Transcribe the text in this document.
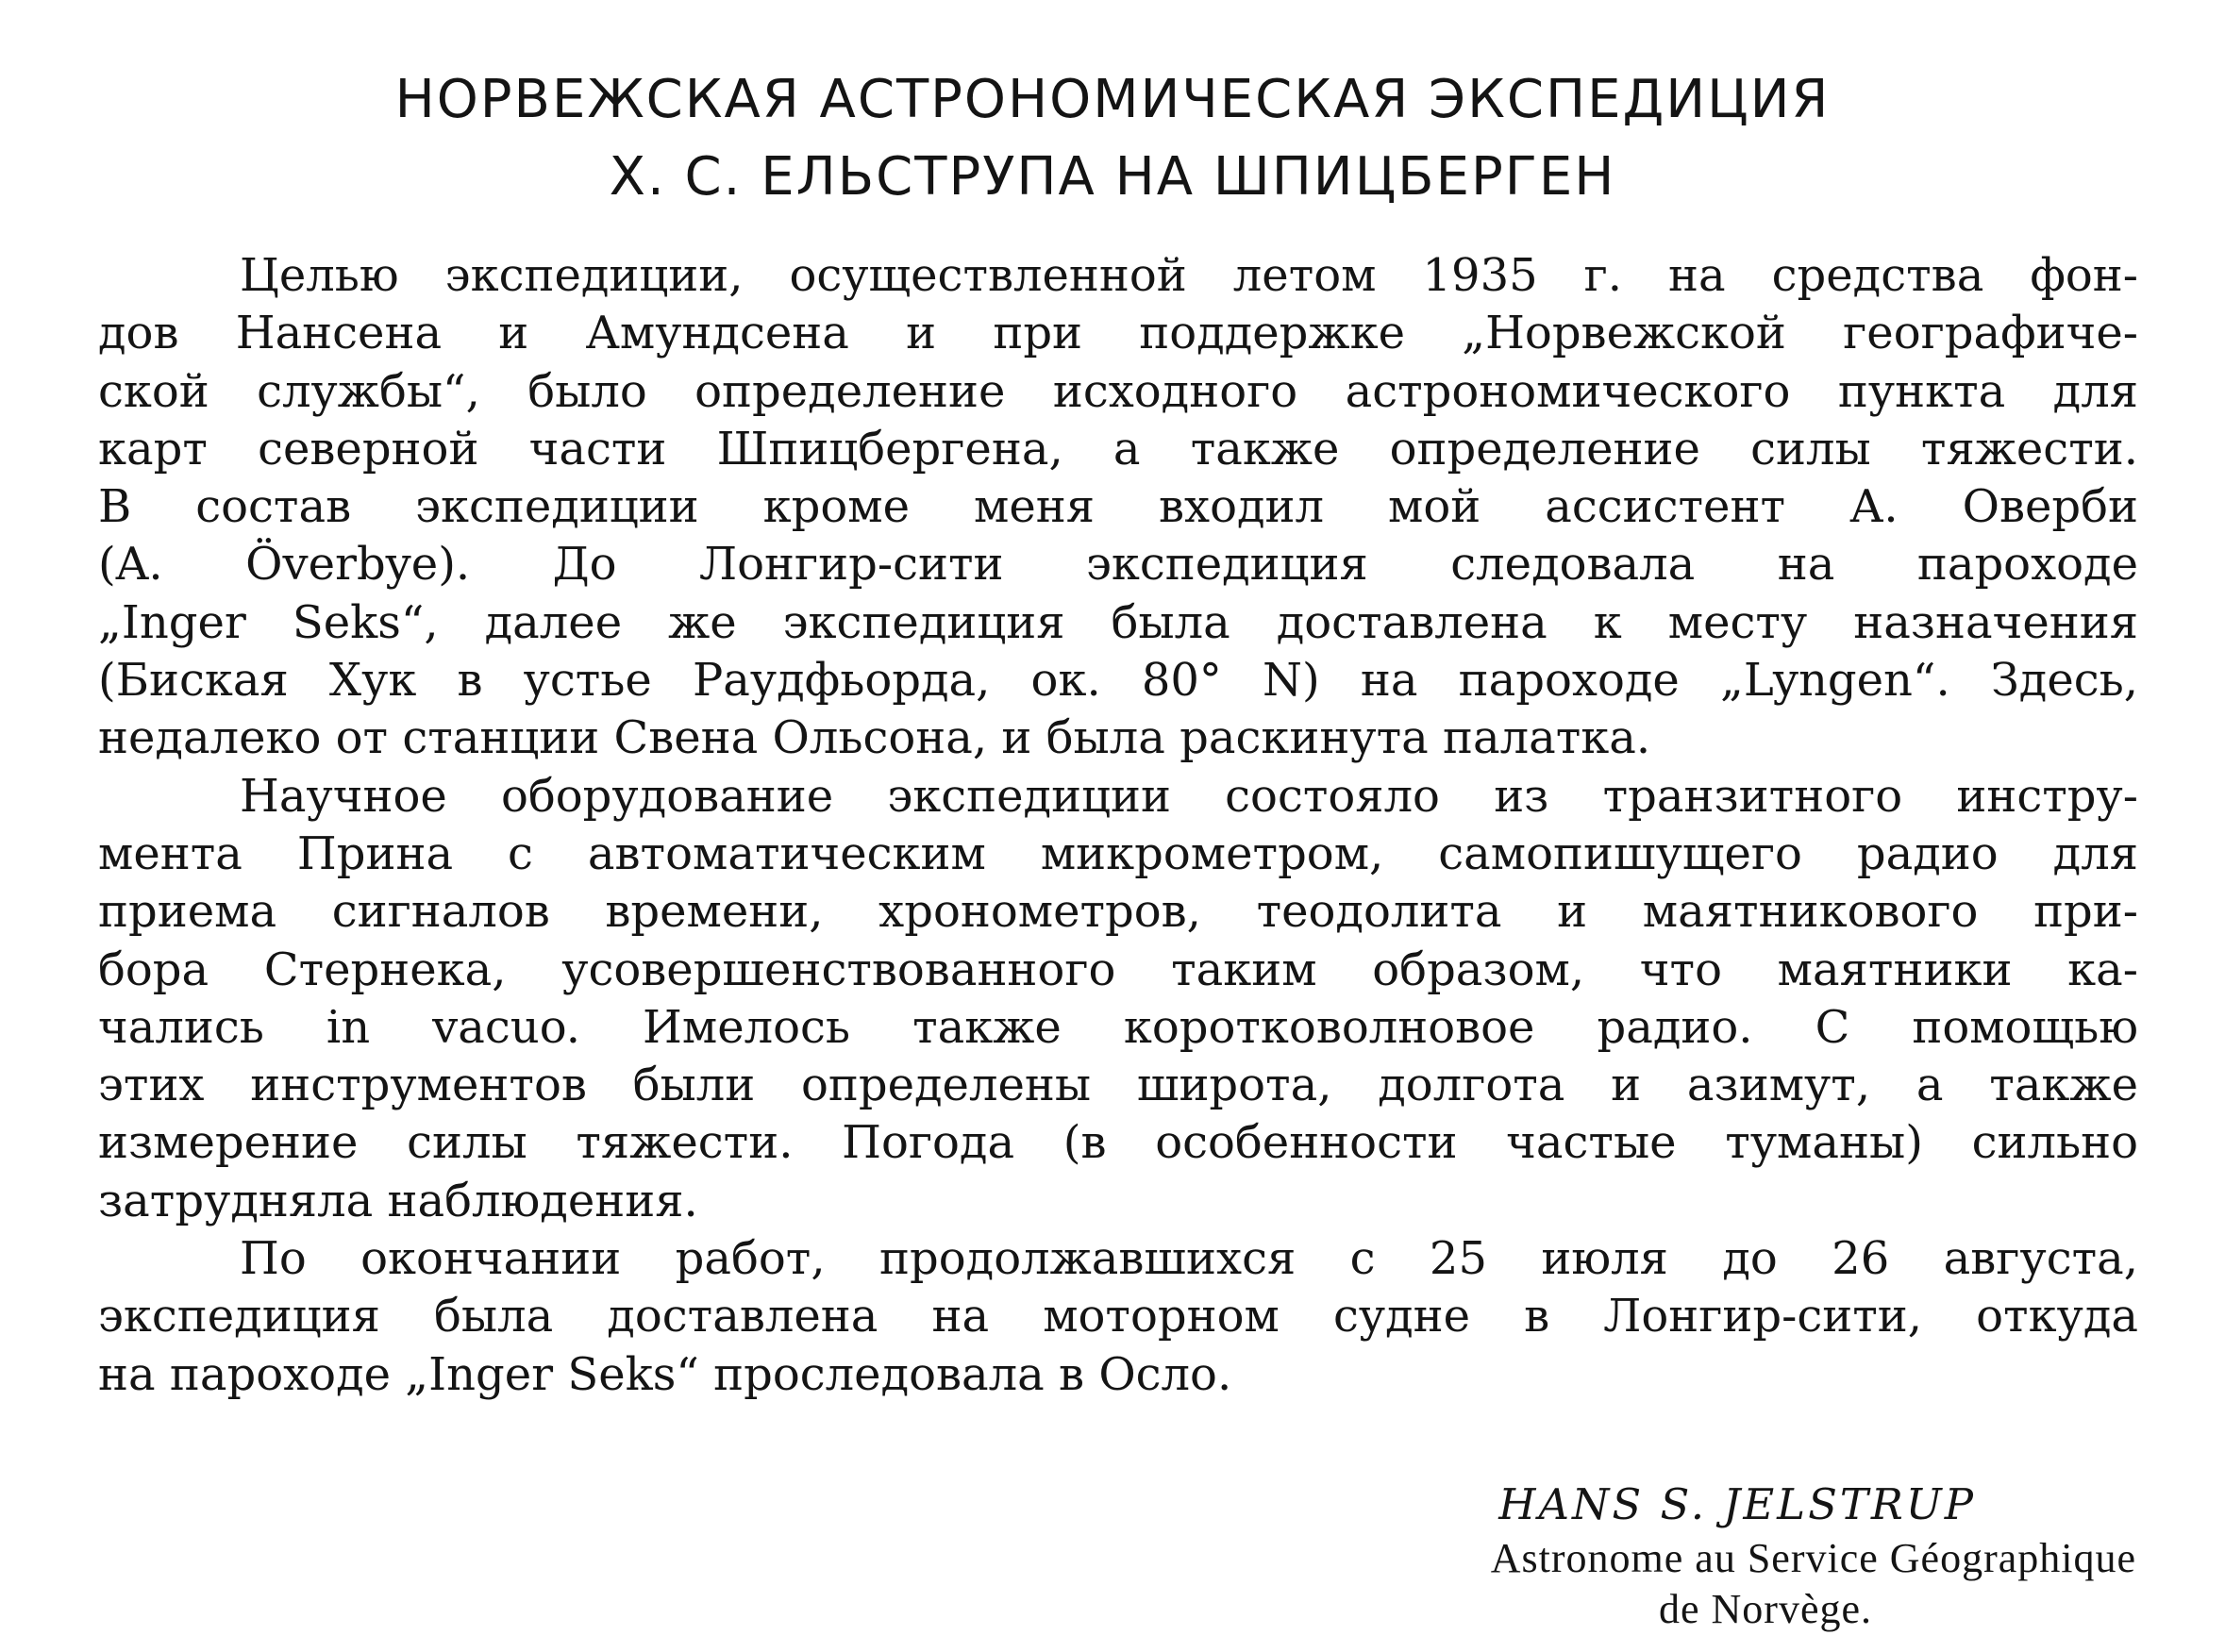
НОРВЕЖСКАЯ АСТРОНОМИЧЕСКАЯ ЭКСПЕДИЦИЯ
Х. С. ЕЛЬСТРУПА НА ШПИЦБЕРГЕН
Целью экспедиции, осуществленной летом 1935 г. на средства фон-
дов Нансена и Амундсена и при поддержке „Норвежской географиче-
ской службы“, было определение исходного астрономического пункта для
карт северной части Шпицбергена, а также определение силы тяжести.
В состав экспедиции кроме меня входил мой ассистент А. Оверби
(A. Överbye). До Лонгир-сити экспедиция следовала на пароходе
„Inger Seks“, далее же экспедиция была доставлена к месту назначения
(Биская Хук в устье Раудфьорда, ок. 80° N) на пароходе „Lyngen“. Здесь,
недалеко от станции Свена Ольсона, и была раскинута палатка.
Научное оборудование экспедиции состояло из транзитного инстру-
мента Прина с автоматическим микрометром, самопишущего радио для
приема сигналов времени, хронометров, теодолита и маятникового при-
бора Стернека, усовершенствованного таким образом, что маятники ка-
чались in vacuo. Имелось также коротковолновое радио. С помощью
этих инструментов были определены широта, долгота и азимут, а также
измерение силы тяжести. Погода (в особенности частые туманы) сильно
затрудняла наблюдения.
По окончании работ, продолжавшихся с 25 июля до 26 августа,
экспедиция была доставлена на моторном судне в Лонгир-сити, откуда
на пароходе „Inger Seks“ проследовала в Осло.
HANS S. JELSTRUP
Astronome au Service Géographique
de Norvège.
